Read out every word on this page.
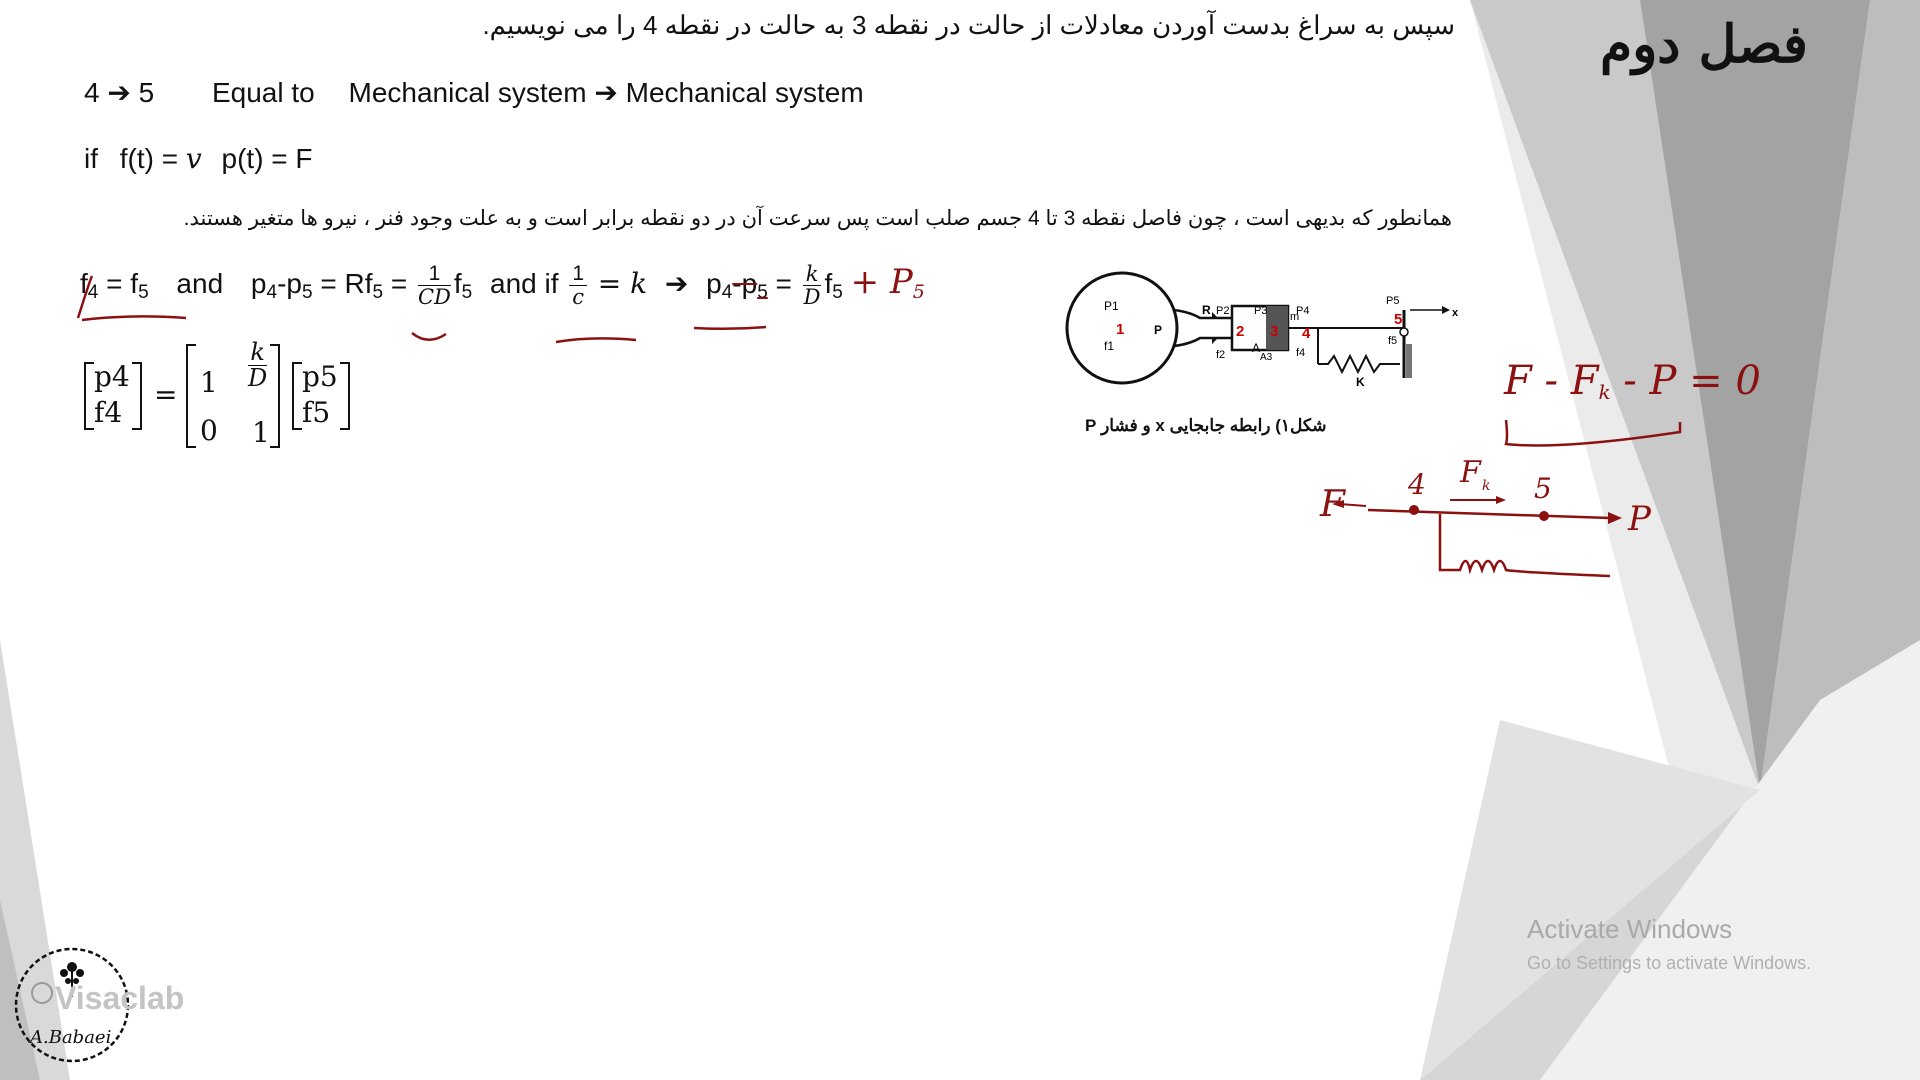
سپس به سراغ بدست آوردن معادلات از حالت در نقطه 3 به حالت در نقطه 4 را می نویسیم.	فصل دوم
4 ➔ 5 Equal to Mechanical system ➔ Mechanical system
if f(t) = v p(t) = F
همانطور که بدیهی است ، چون فاصل نقطه 3 تا 4 جسم صلب است پس سرعت آن در دو نقطه برابر است و به علت وجود فنر ، نیرو ها متغیر هستند.
$f_4 = f_5$ and $p_4-p_5 = Rf_5 = \frac{1}{CD} f_5$ and if $\frac{1}{c} = k$ ➔ $p_4-p_5 = \frac{k}{D} f_5 + P_5$
p4
f4
= 1
k
D
0 1
p5
f5
P1
1 P
f1
R P2
2
f2 A
P3
3
A3
m
P4
4
f4
K
P5
5
f5
x
شکل۱) رابطه جابجایی x و فشار P
$F - F_k - P = 0$
F 4 F k 5
P
A.Babaei
Visaclab
Activate Windows
Go to Settings to activate Windows.
